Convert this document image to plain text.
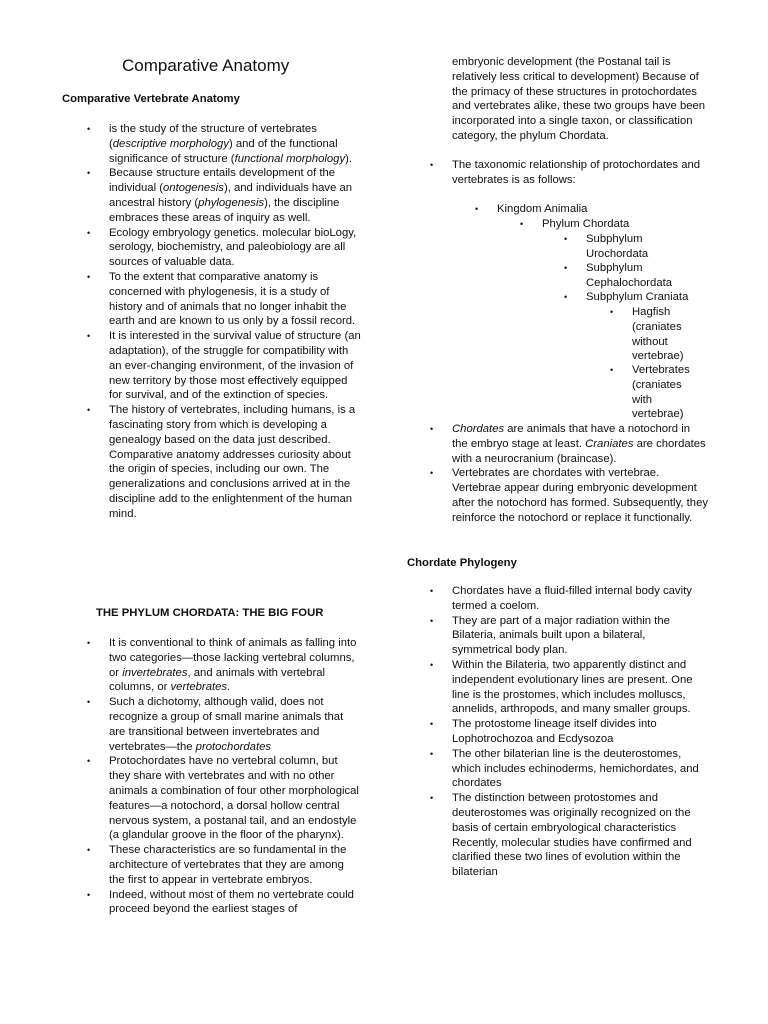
Comparative Anatomy
Comparative Vertebrate Anatomy
• is the study of the structure of vertebrates (descriptive morphology) and of the functional significance of structure (functional morphology).
• Because structure entails development of the individual (ontogenesis), and individuals have an ancestral history (phylogenesis), the discipline embraces these areas of inquiry as well.
• Ecology embryology genetics. molecular bioLogy, serology, biochemistry, and paleobiology are all sources of valuable data.
• To the extent that comparative anatomy is concerned with phylogenesis, it is a study of history and of animals that no longer inhabit the earth and are known to us only by a fossil record.
• It is interested in the survival value of structure (an adaptation), of the struggle for compatibility with an ever-changing environment, of the invasion of new territory by those most effectively equipped for survival, and of the extinction of species.
• The history of vertebrates, including humans, is a fascinating story from which is developing a genealogy based on the data just described. Comparative anatomy addresses curiosity about the origin of species, including our own. The generalizations and conclusions arrived at in the discipline add to the enlightenment of the human mind.
THE PHYLUM CHORDATA: THE BIG FOUR
• It is conventional to think of animals as falling into two categories—those lacking vertebral columns, or invertebrates, and animals with vertebral columns, or vertebrates.
• Such a dichotomy, although valid, does not recognize a group of small marine animals that are transitional between invertebrates and vertebrates—the protochordates
• Protochordates have no vertebral column, but they share with vertebrates and with no other animals a combination of four other morphological features—a notochord, a dorsal hollow central nervous system, a postanal tail, and an endostyle (a glandular groove in the floor of the pharynx).
• These characteristics are so fundamental in the architecture of vertebrates that they are among the first to appear in vertebrate embryos.
• Indeed, without most of them no vertebrate could proceed beyond the earliest stages of

embryonic development (the Postanal tail is relatively less critical to development) Because of the primacy of these structures in protochordates and vertebrates alike, these two groups have been incorporated into a single taxon, or classification category, the phylum Chordata.

• The taxonomic relationship of protochordates and vertebrates is as follows:

• Kingdom Animalia

• Phylum Chordata

• Subphylum Urochordata

• Subphylum Cephalochordata

• Subphylum Craniata

• Hagfish (craniates without vertebrae)

• Vertebrates (craniates with vertebrae)

• Chordates are animals that have a notochord in the embryo stage at least. Craniates are chordates with a neurocranium (braincase).
• Vertebrates are chordates with vertebrae. Vertebrae appear during embryonic development after the notochord has formed. Subsequently, they reinforce the notochord or replace it functionally.
Chordate Phylogeny
• Chordates have a fluid-filled internal body cavity termed a coelom.
• They are part of a major radiation within the Bilateria, animals built upon a bilateral, symmetrical body plan.
• Within the Bilateria, two apparently distinct and independent evolutionary lines are present. One line is the prostomes, which includes molluscs, annelids, arthropods, and many smaller groups.
• The protostome lineage itself divides into Lophotrochozoa and Ecdysozoa
• The other bilaterian line is the deuterostomes, which includes echinoderms, hemichordates, and chordates
• The distinction between protostomes and deuterostomes was originally recognized on the basis of certain embryological characteristics Recently, molecular studies have confirmed and clarified these two lines of evolution within the bilaterian
